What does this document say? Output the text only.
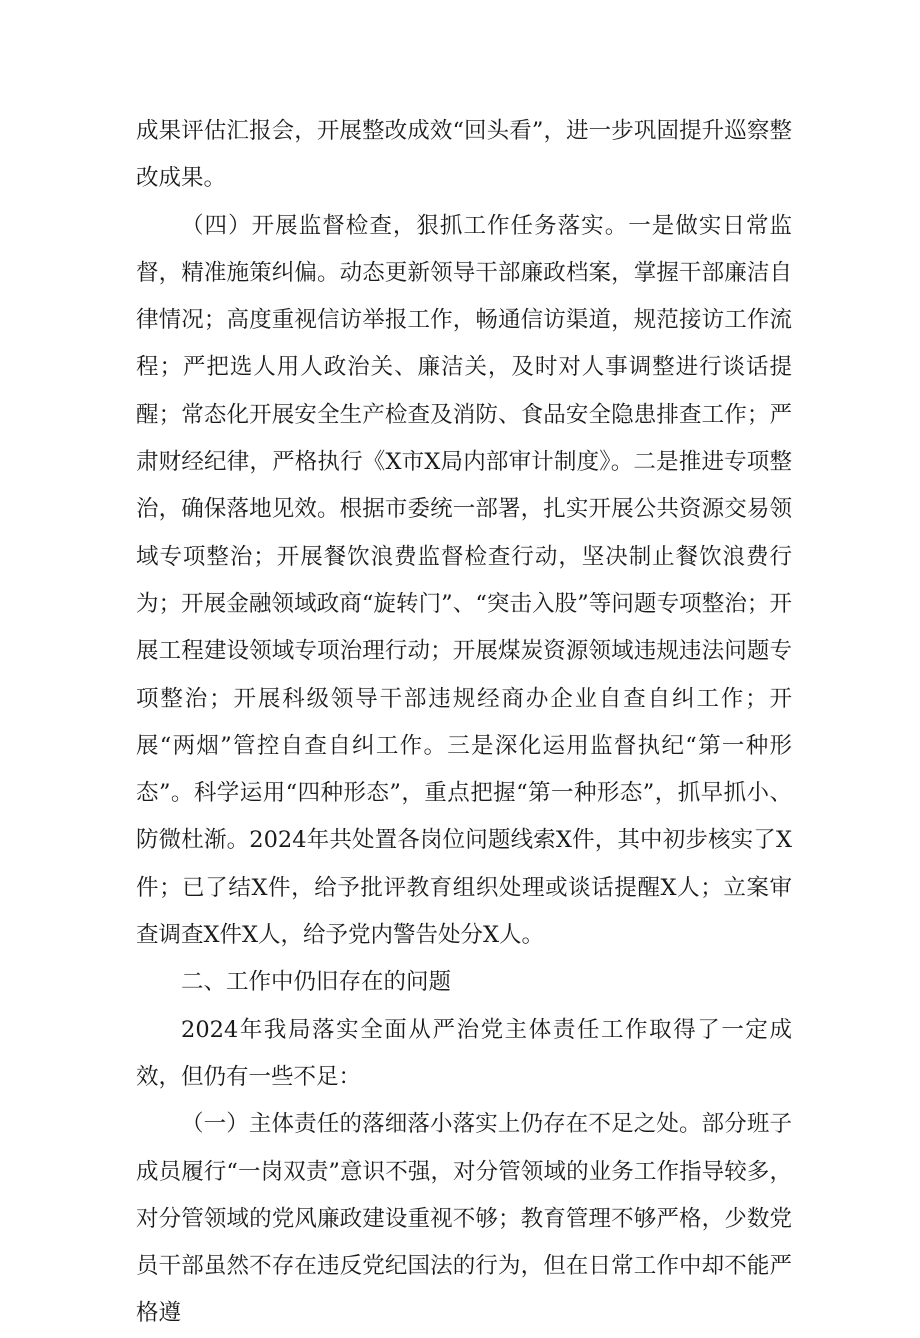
成果评估汇报会，开展整改成效“回头看”，进一步巩固提升巡察整改成果。

（四）开展监督检查，狠抓工作任务落实。一是做实日常监督，精准施策纠偏。动态更新领导干部廉政档案，掌握干部廉洁自律情况；高度重视信访举报工作，畅通信访渠道，规范接访工作流程；严把选人用人政治关、廉洁关，及时对人事调整进行谈话提醒；常态化开展安全生产检查及消防、食品安全隐患排查工作；严肃财经纪律，严格执行《X市X局内部审计制度》。二是推进专项整治，确保落地见效。根据市委统一部署，扎实开展公共资源交易领域专项整治；开展餐饮浪费监督检查行动，坚决制止餐饮浪费行为；开展金融领域政商“旋转门”、“突击入股”等问题专项整治；开展工程建设领域专项治理行动；开展煤炭资源领域违规违法问题专项整治；开展科级领导干部违规经商办企业自查自纠工作；开展“两烟”管控自查自纠工作。三是深化运用监督执纪“第一种形态”。科学运用“四种形态”，重点把握“第一种形态”，抓早抓小、防微杜渐。2024年共处置各岗位问题线索X件，其中初步核实了X件；已了结X件，给予批评教育组织处理或谈话提醒X人；立案审查调查X件X人，给予党内警告处分X人。

二、工作中仍旧存在的问题

2024年我局落实全面从严治党主体责任工作取得了一定成效，但仍有一些不足：

（一）主体责任的落细落小落实上仍存在不足之处。部分班子成员履行“一岗双责”意识不强，对分管领域的业务工作指导较多，对分管领域的党风廉政建设重视不够；教育管理不够严格，少数党员干部虽然不存在违反党纪国法的行为，但在日常工作中却不能严格遵
